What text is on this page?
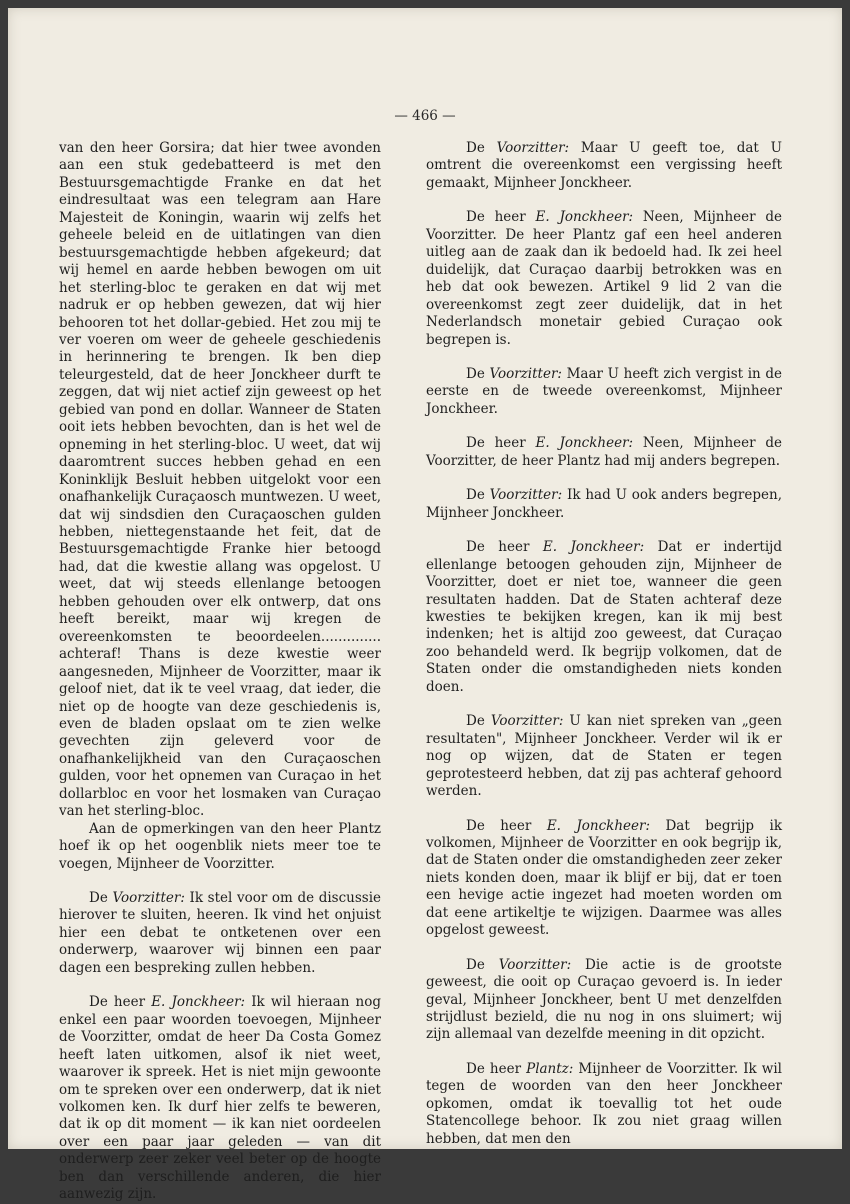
— 466 —

van den heer Gorsira; dat hier twee avonden aan een stuk gedebatteerd is met den Bestuursgemachtigde Franke en dat het eindresultaat was een telegram aan Hare Majesteit de Koningin, waarin wij zelfs het geheele beleid en de uitlatingen van dien bestuursgemachtigde hebben afgekeurd; dat wij hemel en aarde hebben bewogen om uit het sterling-bloc te geraken en dat wij met nadruk er op hebben gewezen, dat wij hier behooren tot het dollar-gebied. Het zou mij te ver voeren om weer de geheele geschiedenis in herinnering te brengen. Ik ben diep teleurgesteld, dat de heer Jonckheer durft te zeggen, dat wij niet actief zijn geweest op het gebied van pond en dollar. Wanneer de Staten ooit iets hebben bevochten, dan is het wel de opneming in het sterling-bloc. U weet, dat wij daaromtrent succes hebben gehad en een Koninklijk Besluit hebben uitgelokt voor een onafhankelijk Curaçaosch muntwezen. U weet, dat wij sindsdien den Curaçaoschen gulden hebben, niettegenstaande het feit, dat de Bestuursgemachtigde Franke hier betoogd had, dat die kwestie allang was opgelost. U weet, dat wij steeds ellenlange betoogen hebben gehouden over elk ontwerp, dat ons heeft bereikt, maar wij kregen de overeenkomsten te beoordeelen.............. achteraf! Thans is deze kwestie weer aangesneden, Mijnheer de Voorzitter, maar ik geloof niet, dat ik te veel vraag, dat ieder, die niet op de hoogte van deze geschiedenis is, even de bladen opslaat om te zien welke gevechten zijn geleverd voor de onafhankelijkheid van den Curaçaoschen gulden, voor het opnemen van Curaçao in het dollarbloc en voor het losmaken van Curaçao van het sterling-bloc.

Aan de opmerkingen van den heer Plantz hoef ik op het oogenblik niets meer toe te voegen, Mijnheer de Voorzitter.

De Voorzitter: Ik stel voor om de discussie hierover te sluiten, heeren. Ik vind het onjuist hier een debat te ontketenen over een onderwerp, waarover wij binnen een paar dagen een bespreking zullen hebben.

De heer E. Jonckheer: Ik wil hieraan nog enkel een paar woorden toevoegen, Mijnheer de Voorzitter, omdat de heer Da Costa Gomez heeft laten uitkomen, alsof ik niet weet, waarover ik spreek. Het is niet mijn gewoonte om te spreken over een onderwerp, dat ik niet volkomen ken. Ik durf hier zelfs te beweren, dat ik op dit moment — ik kan niet oordeelen over een paar jaar geleden — van dit onderwerp zeer zeker veel beter op de hoogte ben dan verschillende anderen, die hier aanwezig zijn.

De Voorzitter: Maar U geeft toe, dat U omtrent die overeenkomst een vergissing heeft gemaakt, Mijnheer Jonckheer.

De heer E. Jonckheer: Neen, Mijnheer de Voorzitter. De heer Plantz gaf een heel anderen uitleg aan de zaak dan ik bedoeld had. Ik zei heel duidelijk, dat Curaçao daarbij betrokken was en heb dat ook bewezen. Artikel 9 lid 2 van die overeenkomst zegt zeer duidelijk, dat in het Nederlandsch monetair gebied Curaçao ook begrepen is.

De Voorzitter: Maar U heeft zich vergist in de eerste en de tweede overeenkomst, Mijnheer Jonckheer.

De heer E. Jonckheer: Neen, Mijnheer de Voorzitter, de heer Plantz had mij anders begrepen.

De Voorzitter: Ik had U ook anders begrepen, Mijnheer Jonckheer.

De heer E. Jonckheer: Dat er indertijd ellenlange betoogen gehouden zijn, Mijnheer de Voorzitter, doet er niet toe, wanneer die geen resultaten hadden. Dat de Staten achteraf deze kwesties te bekijken kregen, kan ik mij best indenken; het is altijd zoo geweest, dat Curaçao zoo behandeld werd. Ik begrijp volkomen, dat de Staten onder die omstandigheden niets konden doen.

De Voorzitter: U kan niet spreken van „geen resultaten", Mijnheer Jonckheer. Verder wil ik er nog op wijzen, dat de Staten er tegen geprotesteerd hebben, dat zij pas achteraf gehoord werden.

De heer E. Jonckheer: Dat begrijp ik volkomen, Mijnheer de Voorzitter en ook begrijp ik, dat de Staten onder die omstandigheden zeer zeker niets konden doen, maar ik blijf er bij, dat er toen een hevige actie ingezet had moeten worden om dat eene artikeltje te wijzigen. Daarmee was alles opgelost geweest.

De Voorzitter: Die actie is de grootste geweest, die ooit op Curaçao gevoerd is. In ieder geval, Mijnheer Jonckheer, bent U met denzelfden strijdlust bezield, die nu nog in ons sluimert; wij zijn allemaal van dezelfde meening in dit opzicht.

De heer Plantz: Mijnheer de Voorzitter. Ik wil tegen de woorden van den heer Jonckheer opkomen, omdat ik toevallig tot het oude Statencollege behoor. Ik zou niet graag willen hebben, dat men den
